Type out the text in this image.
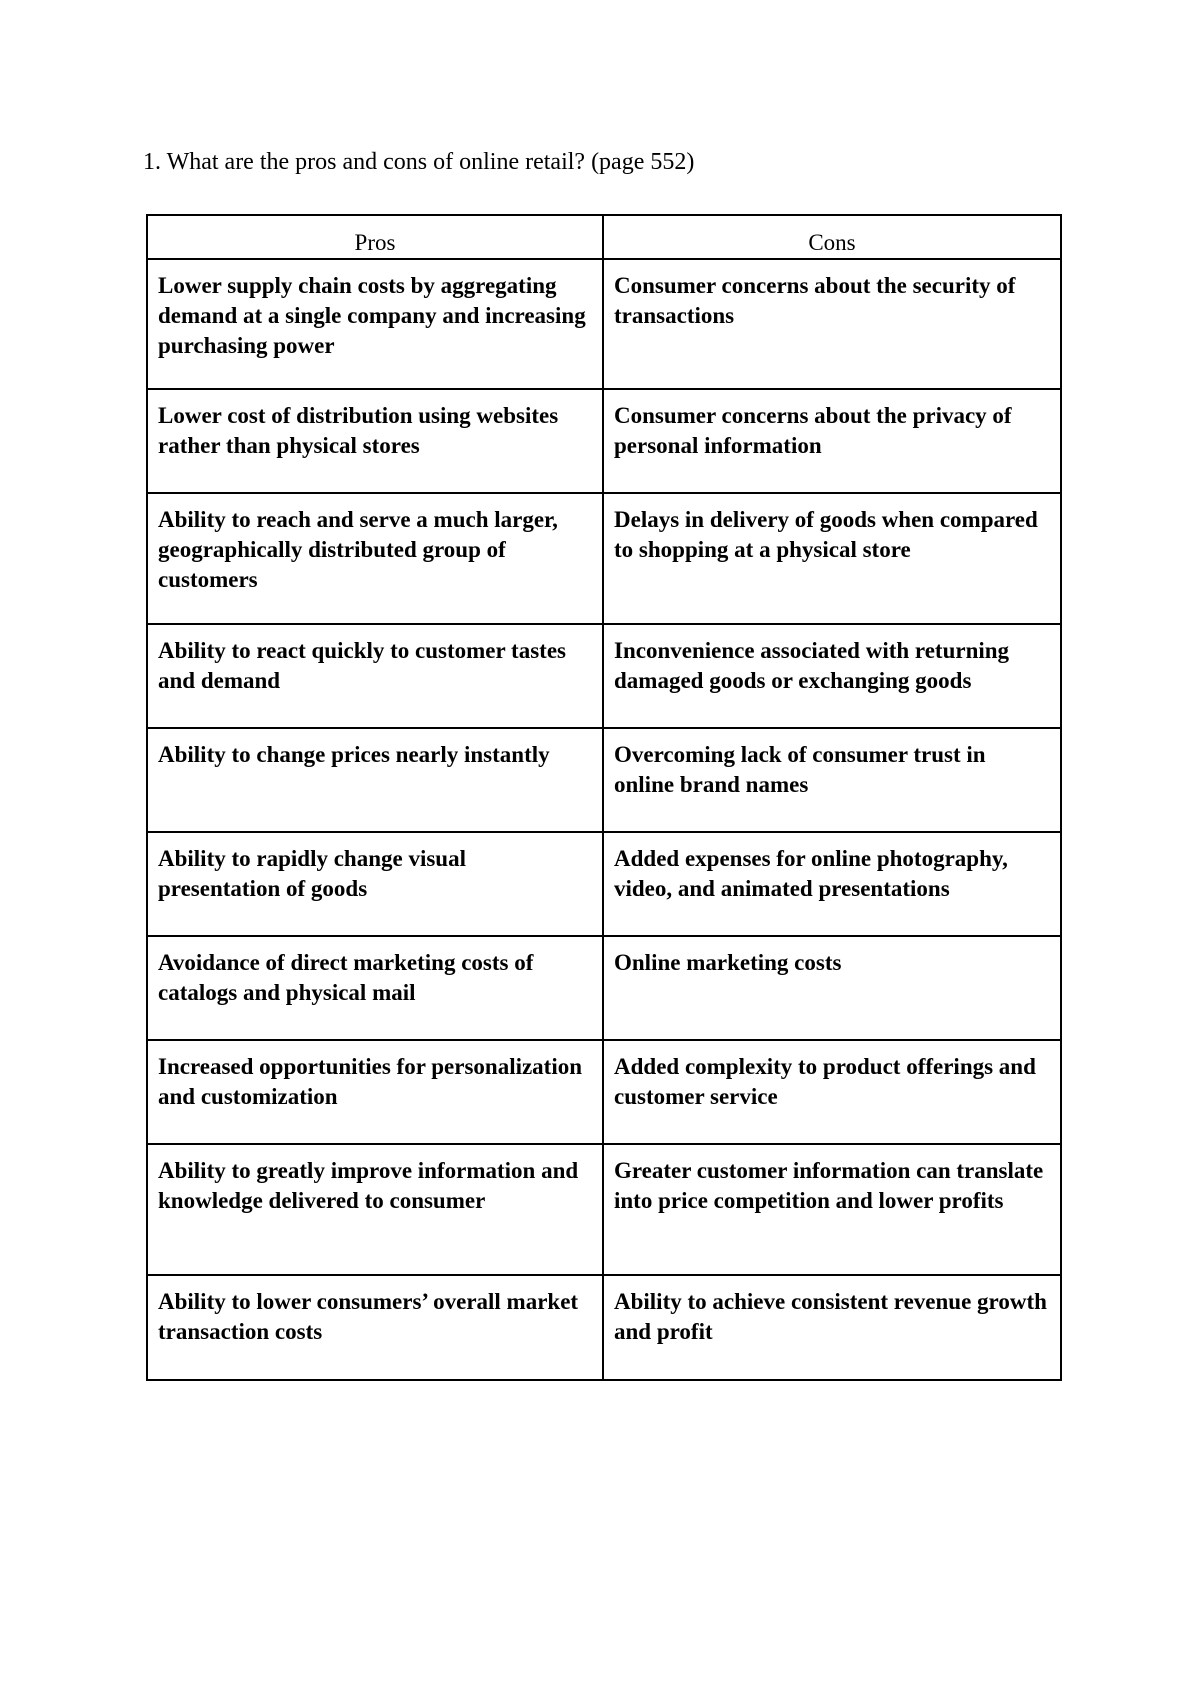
1. What are the pros and cons of online retail? (page 552)
Pros	Cons
Lower supply chain costs by aggregating demand at a single company and increasing purchasing power	Consumer concerns about the security of transactions
Lower cost of distribution using websites rather than physical stores	Consumer concerns about the privacy of personal information
Ability to reach and serve a much larger, geographically distributed group of customers	Delays in delivery of goods when compared to shopping at a physical store
Ability to react quickly to customer tastes and demand	Inconvenience associated with returning damaged goods or exchanging goods
Ability to change prices nearly instantly	Overcoming lack of consumer trust in online brand names
Ability to rapidly change visual presentation of goods	Added expenses for online photography, video, and animated presentations
Avoidance of direct marketing costs of catalogs and physical mail	Online marketing costs
Increased opportunities for personalization and customization	Added complexity to product offerings and customer service
Ability to greatly improve information and knowledge delivered to consumer	Greater customer information can translate into price competition and lower profits
Ability to lower consumers’ overall market transaction costs	Ability to achieve consistent revenue growth and profit
